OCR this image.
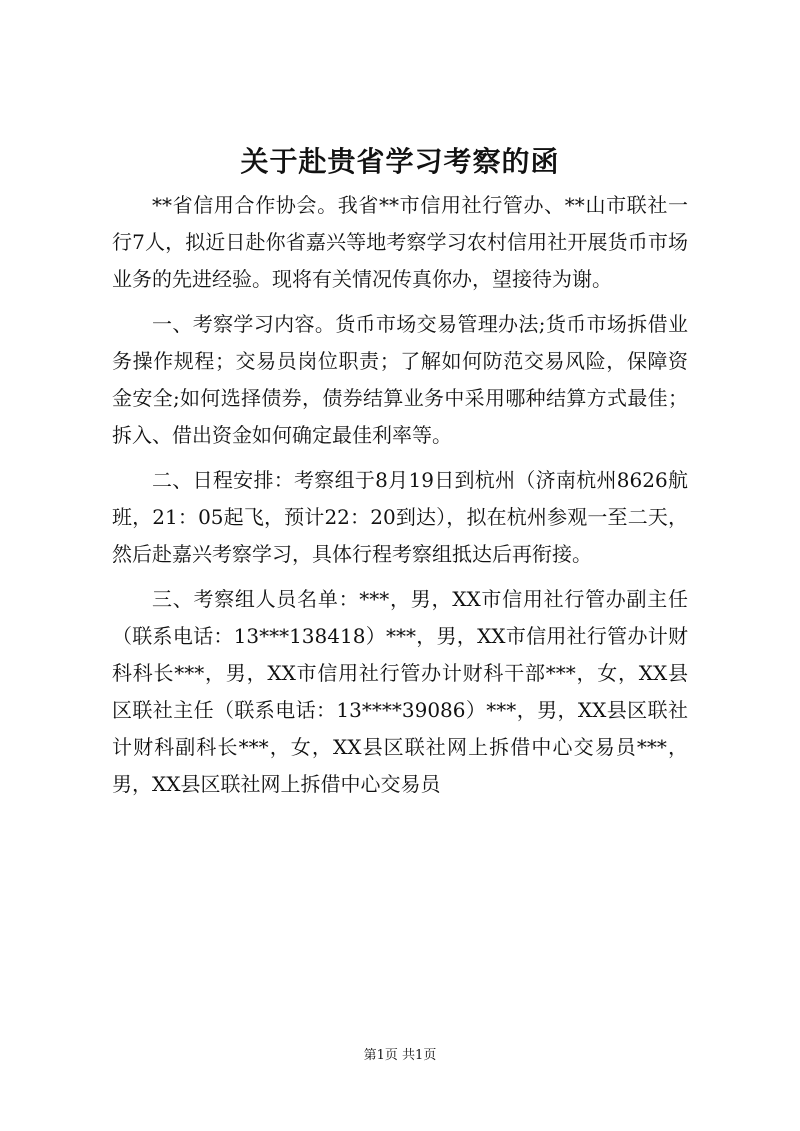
关于赴贵省学习考察的函

**省信用合作协会。我省**市信用社行管办、**山市联社一行7人，拟近日赴你省嘉兴等地考察学习农村信用社开展货币市场业务的先进经验。现将有关情况传真你办，望接待为谢。

一、考察学习内容。货币市场交易管理办法;货币市场拆借业务操作规程；交易员岗位职责；了解如何防范交易风险，保障资金安全;如何选择债券，债券结算业务中采用哪种结算方式最佳；拆入、借出资金如何确定最佳利率等。

二、日程安排：考察组于8月19日到杭州（济南杭州8626航班，21：05起飞，预计22：20到达），拟在杭州参观一至二天，然后赴嘉兴考察学习，具体行程考察组抵达后再衔接。

三、考察组人员名单：***，男，XX市信用社行管办副主任（联系电话：13***138418）***，男，XX市信用社行管办计财科科长***，男，XX市信用社行管办计财科干部***，女，XX县区联社主任（联系电话：13****39086）***，男，XX县区联社计财科副科长***，女，XX县区联社网上拆借中心交易员***，男，XX县区联社网上拆借中心交易员

第1页 共1页
